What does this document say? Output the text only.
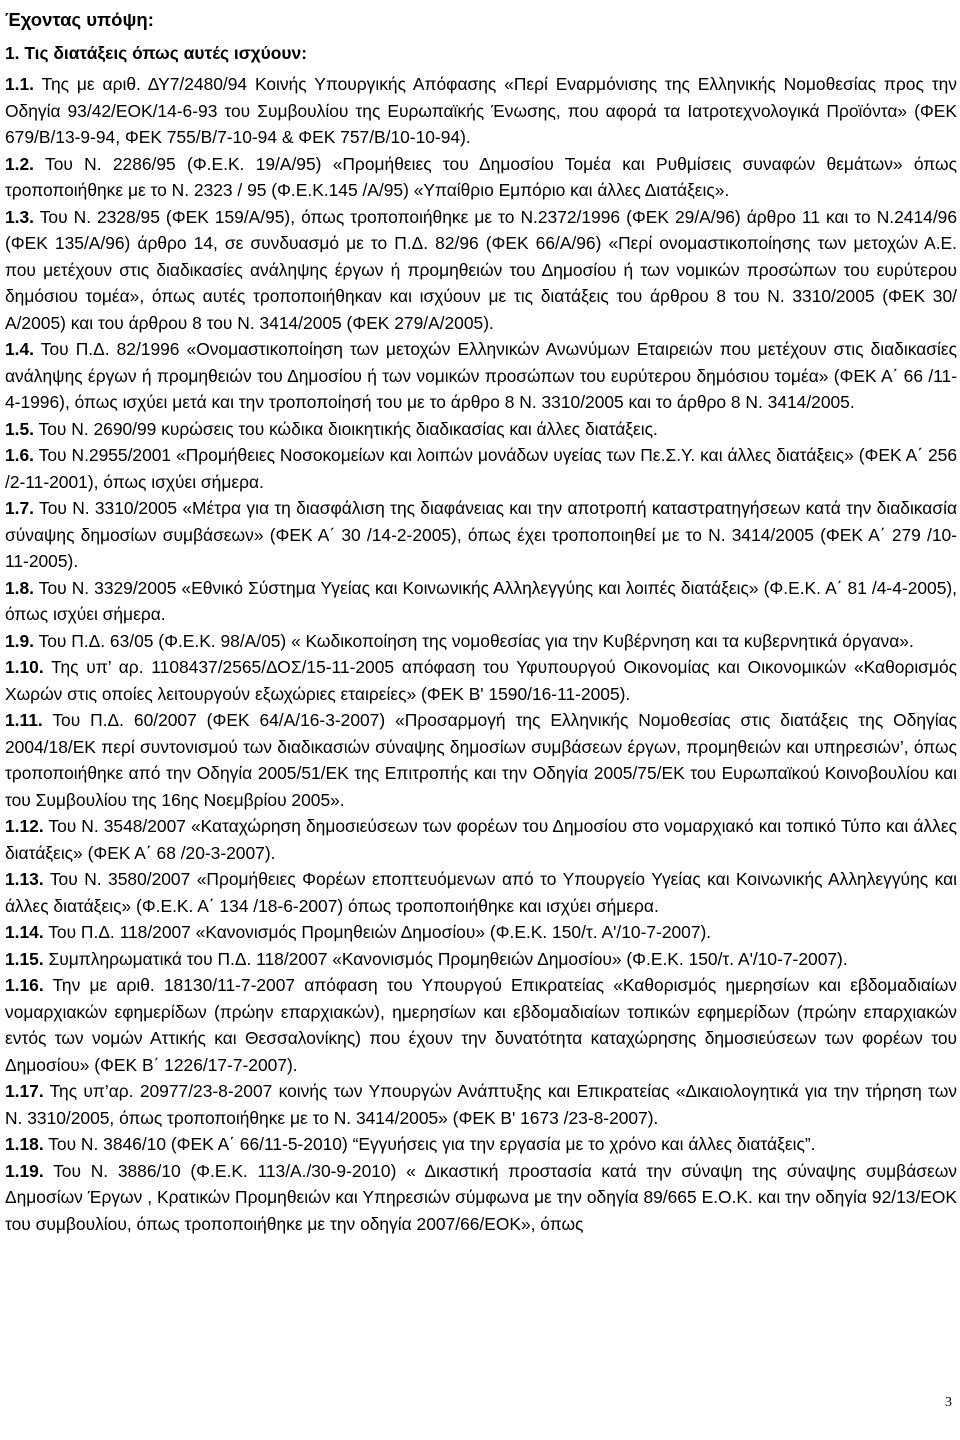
Έχοντας υπόψη:
1. Τις διατάξεις όπως αυτές ισχύουν:

1.1. Της με αριθ. ΔΥ7/2480/94 Κοινής Υπουργικής Απόφασης «Περί Εναρμόνισης της Ελληνικής Νομοθεσίας προς την Οδηγία 93/42/ΕΟΚ/14-6-93 του Συμβουλίου της Ευρωπαϊκής Ένωσης, που αφορά τα Ιατροτεχνολογικά Προϊόντα» (ΦΕΚ 679/Β/13-9-94, ΦΕΚ 755/Β/7-10-94 & ΦΕΚ 757/Β/10-10-94).

1.2. Του Ν. 2286/95 (Φ.Ε.Κ. 19/Α/95) «Προμήθειες του Δημοσίου Τομέα και Ρυθμίσεις συναφών θεμάτων» όπως τροποποιήθηκε με το Ν. 2323 / 95 (Φ.Ε.Κ.145 /Α/95) «Υπαίθριο Εμπόριο και άλλες Διατάξεις».

1.3. Του Ν. 2328/95 (ΦΕΚ 159/Α/95), όπως τροποποιήθηκε με το Ν.2372/1996 (ΦΕΚ 29/Α/96) άρθρο 11 και το Ν.2414/96 (ΦΕΚ 135/Α/96) άρθρο 14, σε συνδυασμό με το Π.Δ. 82/96 (ΦΕΚ 66/Α/96) «Περί ονομαστικοποίησης των μετοχών Α.Ε. που μετέχουν στις διαδικασίες ανάληψης έργων ή προμηθειών του Δημοσίου ή των νομικών προσώπων του ευρύτερου δημόσιου τομέα», όπως αυτές τροποποιήθηκαν και ισχύουν με τις διατάξεις του άρθρου 8 του Ν. 3310/2005 (ΦΕΚ 30/Α/2005) και του άρθρου 8 του Ν. 3414/2005 (ΦΕΚ 279/Α/2005).

1.4. Του Π.Δ. 82/1996 «Ονομαστικοποίηση των μετοχών Ελληνικών Ανωνύμων Εταιρειών που μετέχουν στις διαδικασίες ανάληψης έργων ή προμηθειών του Δημοσίου ή των νομικών προσώπων του ευρύτερου δημόσιου τομέα» (ΦΕΚ Α΄ 66 /11-4-1996), όπως ισχύει μετά και την τροποποίησή του με το άρθρο 8 Ν. 3310/2005 και το άρθρο 8 Ν. 3414/2005.

1.5. Του Ν. 2690/99 κυρώσεις του κώδικα διοικητικής διαδικασίας και άλλες διατάξεις.

1.6. Του Ν.2955/2001 «Προμήθειες Νοσοκομείων και λοιπών μονάδων υγείας των Πε.Σ.Υ. και άλλες διατάξεις» (ΦΕΚ Α΄ 256 /2-11-2001), όπως ισχύει σήμερα.

1.7. Του Ν. 3310/2005 «Μέτρα για τη διασφάλιση της διαφάνειας και την αποτροπή καταστρατηγήσεων κατά την διαδικασία σύναψης δημοσίων συμβάσεων» (ΦΕΚ Α΄ 30 /14-2-2005), όπως έχει τροποποιηθεί με το Ν. 3414/2005 (ΦΕΚ Α΄ 279 /10-11-2005).

1.8. Του Ν. 3329/2005 «Εθνικό Σύστημα Υγείας και Κοινωνικής Αλληλεγγύης και λοιπές διατάξεις» (Φ.Ε.Κ. Α΄ 81 /4-4-2005), όπως ισχύει σήμερα.

1.9. Του Π.Δ. 63/05 (Φ.Ε.Κ. 98/Α/05) « Κωδικοποίηση της νομοθεσίας για την Κυβέρνηση και τα κυβερνητικά όργανα».

1.10. Της υπ’ αρ. 1108437/2565/ΔΟΣ/15-11-2005 απόφαση του Υφυπουργού Οικονομίας και Οικονομικών «Καθορισμός Χωρών στις οποίες λειτουργούν εξωχώριες εταιρείες» (ΦΕΚ Β' 1590/16-11-2005).

1.11. Του Π.Δ. 60/2007 (ΦΕΚ 64/Α/16-3-2007) «Προσαρμογή της Ελληνικής Νομοθεσίας στις διατάξεις της Οδηγίας 2004/18/ΕΚ περί συντονισμού των διαδικασιών σύναψης δημοσίων συμβάσεων έργων, προμηθειών και υπηρεσιών’, όπως τροποποιήθηκε από την Οδηγία 2005/51/ΕΚ της Επιτροπής και την Οδηγία 2005/75/ΕΚ του Ευρωπαϊκού Κοινοβουλίου και του Συμβουλίου της 16ης Νοεμβρίου 2005».

1.12. Του Ν. 3548/2007 «Καταχώρηση δημοσιεύσεων των φορέων του Δημοσίου στο νομαρχιακό και τοπικό Τύπο και άλλες διατάξεις» (ΦΕΚ Α΄ 68 /20-3-2007).

1.13. Του Ν. 3580/2007 «Προμήθειες Φορέων εποπτευόμενων από το Υπουργείο Υγείας και Κοινωνικής Αλληλεγγύης και άλλες διατάξεις» (Φ.Ε.Κ. Α΄ 134 /18-6-2007) όπως τροποποιήθηκε και ισχύει σήμερα.

1.14. Του Π.Δ. 118/2007 «Κανονισμός Προμηθειών Δημοσίου» (Φ.Ε.Κ. 150/τ. Α'/10-7-2007).

1.15. Συμπληρωματικά του Π.Δ. 118/2007 «Κανονισμός Προμηθειών Δημοσίου» (Φ.Ε.Κ. 150/τ. Α'/10-7-2007).

1.16. Την με αριθ. 18130/11-7-2007 απόφαση του Υπουργού Επικρατείας «Καθορισμός ημερησίων και εβδομαδιαίων νομαρχιακών εφημερίδων (πρώην επαρχιακών), ημερησίων και εβδομαδιαίων τοπικών εφημερίδων (πρώην επαρχιακών εντός των νομών Αττικής και Θεσσαλονίκης) που έχουν την δυνατότητα καταχώρησης δημοσιεύσεων των φορέων του Δημοσίου» (ΦΕΚ Β΄ 1226/17-7-2007).

1.17. Της υπ’αρ. 20977/23-8-2007 κοινής των Υπουργών Ανάπτυξης και Επικρατείας «Δικαιολογητικά για την τήρηση των Ν. 3310/2005, όπως τροποποιήθηκε με το Ν. 3414/2005» (ΦΕΚ Β' 1673 /23-8-2007).

1.18. Του Ν. 3846/10 (ΦΕΚ Α΄ 66/11-5-2010) “Εγγυήσεις για την εργασία με το χρόνο και άλλες διατάξεις”.

1.19. Του Ν. 3886/10 (Φ.Ε.Κ. 113/Α./30-9-2010) « Δικαστική προστασία κατά την σύναψη της σύναψης συμβάσεων Δημοσίων Έργων , Κρατικών Προμηθειών και Υπηρεσιών σύμφωνα με την οδηγία 89/665 Ε.Ο.Κ. και την οδηγία 92/13/ΕΟΚ του συμβουλίου, όπως τροποποιήθηκε με την οδηγία 2007/66/ΕΟΚ», όπως

3
